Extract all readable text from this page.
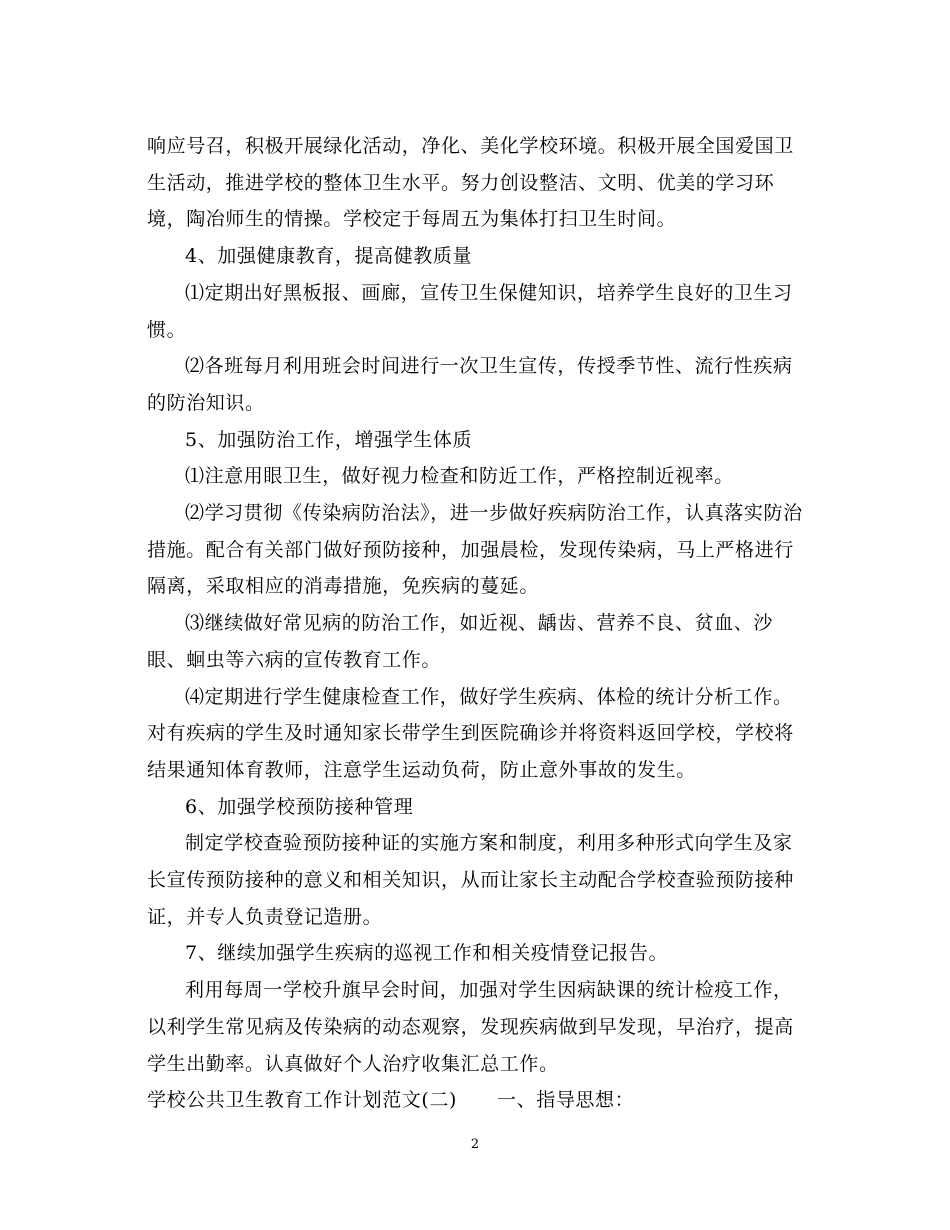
响应号召，积极开展绿化活动，净化、美化学校环境。积极开展全国爱国卫生活动，推进学校的整体卫生水平。努力创设整洁、文明、优美的学习环境，陶冶师生的情操。学校定于每周五为集体打扫卫生时间。

4、加强健康教育，提高健教质量

⑴定期出好黑板报、画廊，宣传卫生保健知识，培养学生良好的卫生习惯。

⑵各班每月利用班会时间进行一次卫生宣传，传授季节性、流行性疾病的防治知识。

5、加强防治工作，增强学生体质

⑴注意用眼卫生，做好视力检查和防近工作，严格控制近视率。

⑵学习贯彻《传染病防治法》，进一步做好疾病防治工作，认真落实防治措施。配合有关部门做好预防接种，加强晨检，发现传染病，马上严格进行隔离，采取相应的消毒措施，免疾病的蔓延。

⑶继续做好常见病的防治工作，如近视、龋齿、营养不良、贫血、沙眼、蛔虫等六病的宣传教育工作。

⑷定期进行学生健康检查工作，做好学生疾病、体检的统计分析工作。对有疾病的学生及时通知家长带学生到医院确诊并将资料返回学校，学校将结果通知体育教师，注意学生运动负荷，防止意外事故的发生。

6、加强学校预防接种管理

制定学校查验预防接种证的实施方案和制度，利用多种形式向学生及家长宣传预防接种的意义和相关知识，从而让家长主动配合学校查验预防接种证，并专人负责登记造册。

7、继续加强学生疾病的巡视工作和相关疫情登记报告。

利用每周一学校升旗早会时间，加强对学生因病缺课的统计检疫工作，以利学生常见病及传染病的动态观察，发现疾病做到早发现，早治疗，提高学生出勤率。认真做好个人治疗收集汇总工作。

学校公共卫生教育工作计划范文(二) 一、指导思想：

2
